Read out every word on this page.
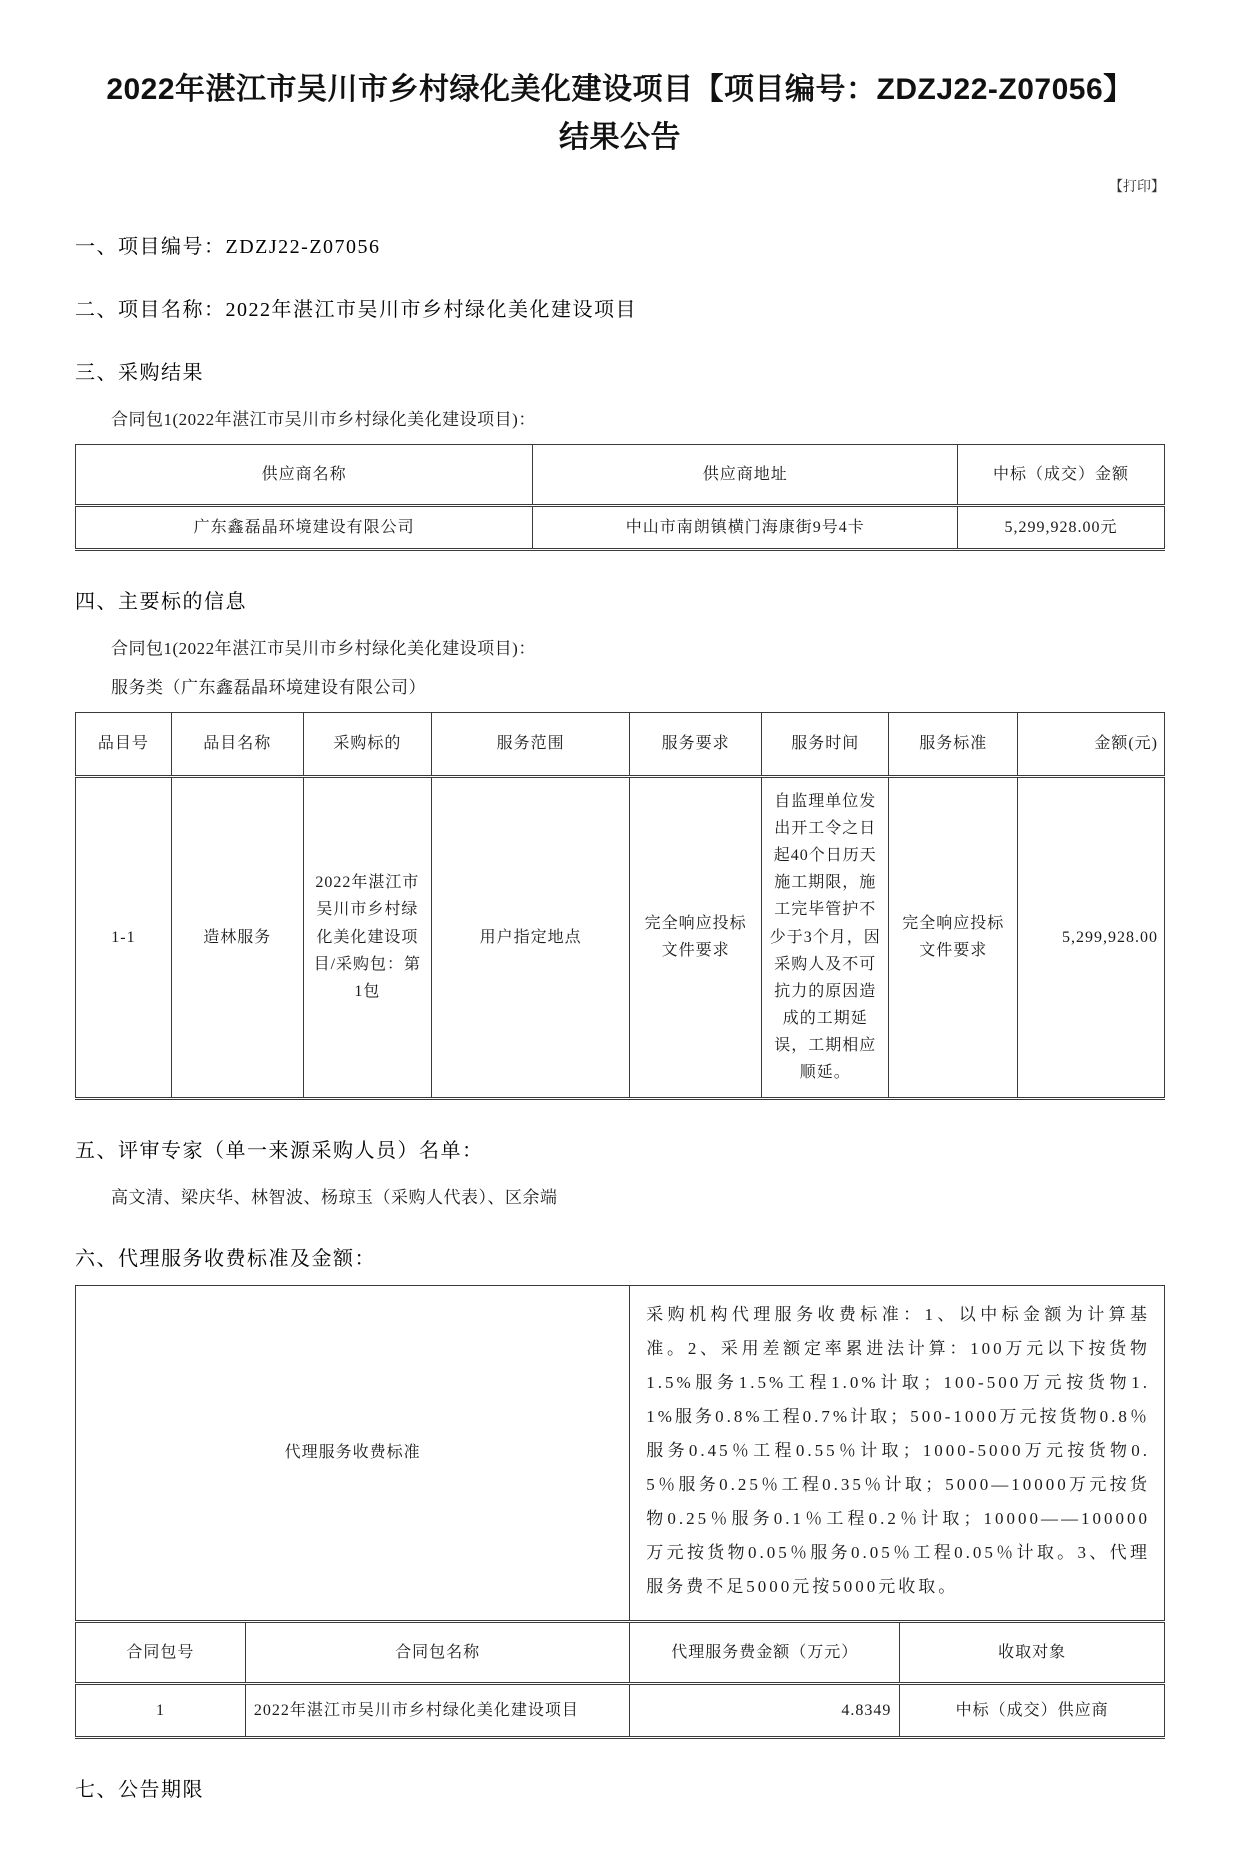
2022年湛江市吴川市乡村绿化美化建设项目【项目编号：ZDZJ22-Z07056】
结果公告
【打印】
一、项目编号：ZDZJ22-Z07056
二、项目名称：2022年湛江市吴川市乡村绿化美化建设项目
三、采购结果

合同包1(2022年湛江市吴川市乡村绿化美化建设项目)：

供应商名称	供应商地址	中标（成交）金额
广东鑫磊晶环境建设有限公司	中山市南朗镇横门海康街9号4卡	5,299,928.00元
四、主要标的信息

合同包1(2022年湛江市吴川市乡村绿化美化建设项目)：

服务类（广东鑫磊晶环境建设有限公司）

品目号	品目名称	采购标的	服务范围	服务要求	服务时间	服务标准	金额(元)
1-1	造林服务	2022年湛江市吴川市乡村绿化美化建设项目/采购包：第1包	用户指定地点	完全响应投标文件要求	自监理单位发出开工令之日起40个日历天施工期限，施工完毕管护不少于3个月，因采购人及不可抗力的原因造成的工期延误，工期相应顺延。	完全响应投标文件要求	5,299,928.00
五、评审专家（单一来源采购人员）名单：

高文清、梁庆华、林智波、杨琼玉（采购人代表）、区余端

六、代理服务收费标准及金额：
代理服务收费标准		采购机构代理服务收费标准：1、以中标金额为计算基准。2、采用差额定率累进法计算：100万元以下按货物1.5%服务1.5%工程1.0%计取；100-500万元按货物1.1%服务0.8%工程0.7%计取；500-1000万元按货物0.8％服务0.45％工程0.55％计取；1000-5000万元按货物0.5％服务0.25％工程0.35％计取；5000—10000万元按货物0.25％服务0.1％工程0.2％计取；10000——100000万元按货物0.05％服务0.05％工程0.05％计取。3、代理服务费不足5000元按5000元收取。	
合同包号	合同包名称	代理服务费金额（万元）	收取对象
1	2022年湛江市吴川市乡村绿化美化建设项目	4.8349	中标（成交）供应商
七、公告期限
